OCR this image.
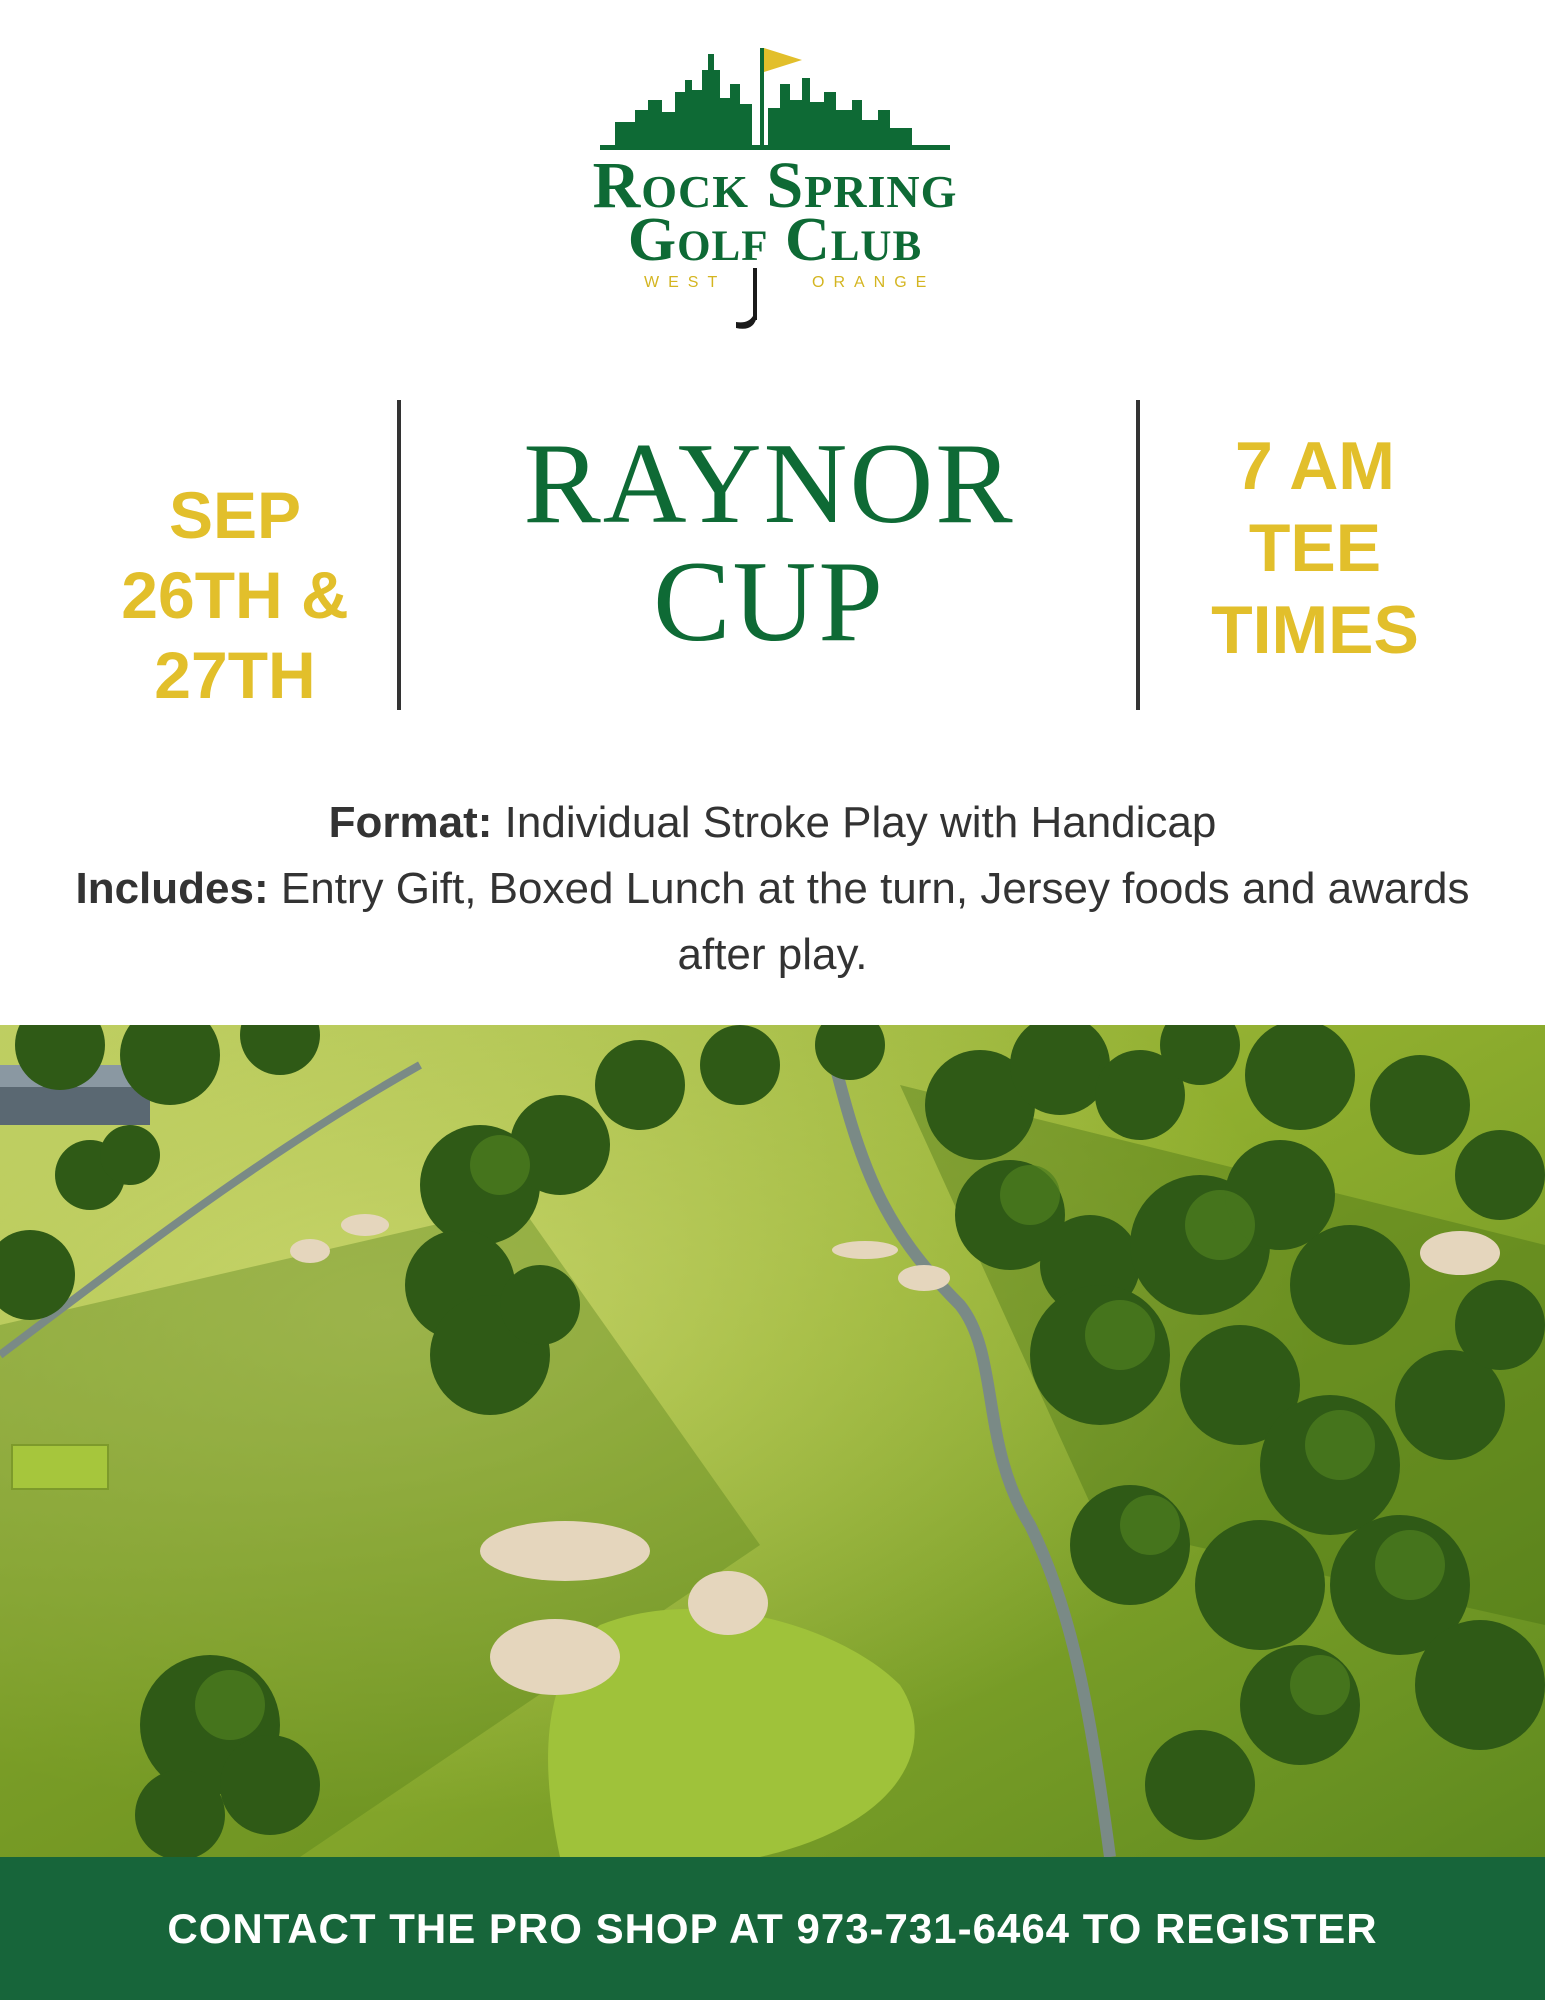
Rock Spring
Golf Club
WEST	ORANGE
SEP
26TH &
27TH
RAYNOR
CUP
7 AM
TEE
TIMES
Format: Individual Stroke Play with Handicap
Includes: Entry Gift, Boxed Lunch at the turn, Jersey foods and awards after play.
CONTACT THE PRO SHOP AT 973-731-6464 TO REGISTER
